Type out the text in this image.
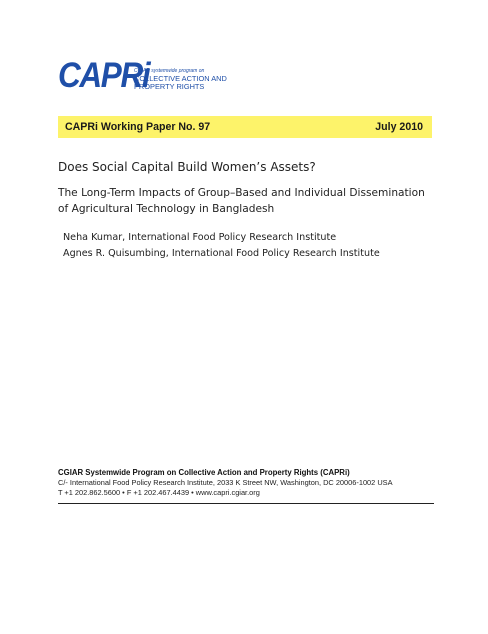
CAPRi
CGIAR systemwide program on
COLLECTIVE ACTION AND
PROPERTY RIGHTS
CAPRi Working Paper No. 97	July 2010
Does Social Capital Build Women’s Assets?
The Long-Term Impacts of Group–Based and Individual Dissemination of Agricultural Technology in Bangladesh
Neha Kumar, International Food Policy Research Institute
Agnes R. Quisumbing, International Food Policy Research Institute
CGIAR Systemwide Program on Collective Action and Property Rights (CAPRi)
C/- International Food Policy Research Institute, 2033 K Street NW, Washington, DC 20006-1002 USA
T +1 202.862.5600 • F +1 202.467.4439 • www.capri.cgiar.org
